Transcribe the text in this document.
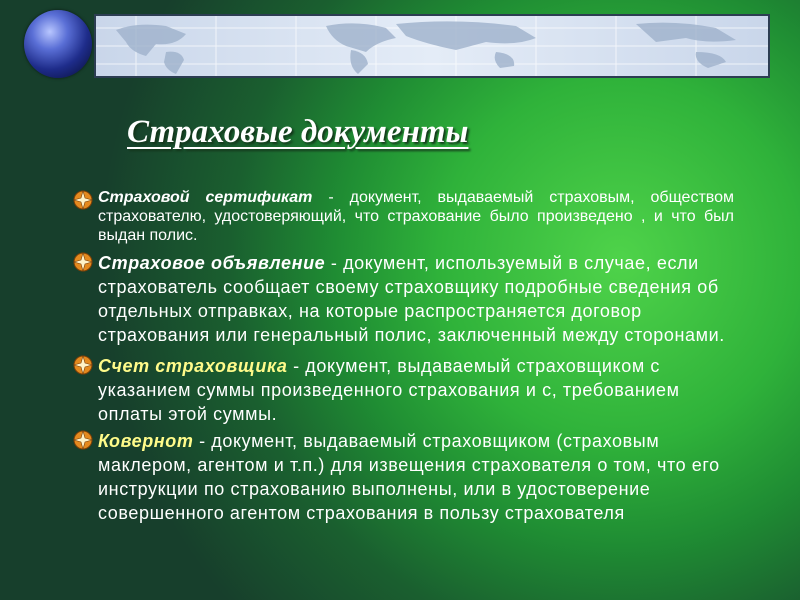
Страховые документы
Страховой сертификат - документ, выдаваемый страховым, обществом страхователю, удостоверяющий, что страхование было произведено , и что был выдан полис.
Страховое объявление - документ, используемый в случае, если страхователь сообщает своему страховщику подробные сведения об отдельных отправках, на которые распространяется договор страхования или генеральный полис, заключенный между сторонами.
Счет страховщика - документ, выдаваемый страховщиком с указанием суммы произведенного страхования и с, требованием оплаты этой суммы.
Ковернот - документ, выдаваемый страховщиком (страховым маклером, агентом и т.п.) для извещения страхователя о том, что его инструкции по страхованию выполнены, или в удостоверение совершенного агентом страхования в пользу страхователя
